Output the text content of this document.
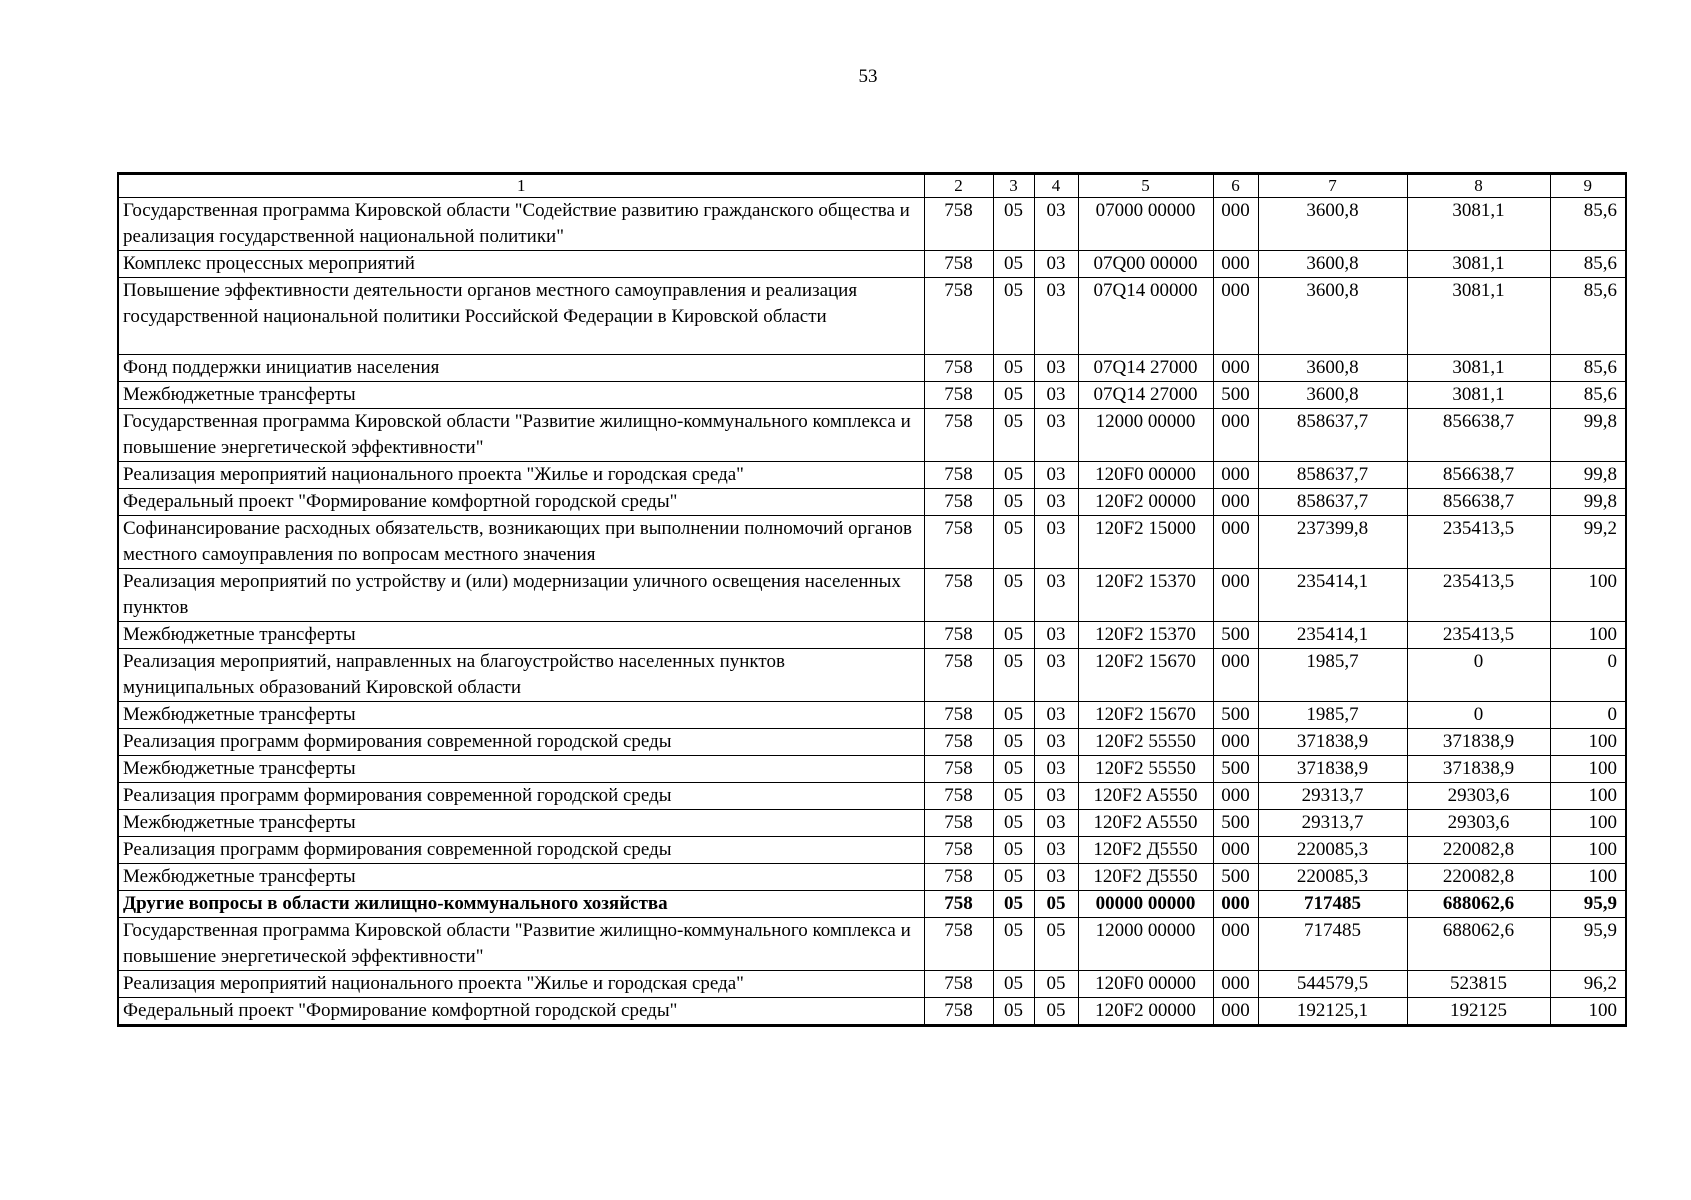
53
1	2	3	4	5	6	7	8	9
Государственная программа Кировской области "Содействие развитию гражданского общества и реализация государственной национальной политики"	758	05	03	07000 00000	000	3600,8	3081,1	85,6
Комплекс процессных мероприятий	758	05	03	07Q00 00000	000	3600,8	3081,1	85,6
Повышение эффективности деятельности органов местного самоуправления и реализация государственной национальной политики Российской Федерации в Кировской области	758	05	03	07Q14 00000	000	3600,8	3081,1	85,6
Фонд поддержки инициатив населения	758	05	03	07Q14 27000	000	3600,8	3081,1	85,6
Межбюджетные трансферты	758	05	03	07Q14 27000	500	3600,8	3081,1	85,6
Государственная программа Кировской области "Развитие жилищно-коммунального комплекса и повышение энергетической эффективности"	758	05	03	12000 00000	000	858637,7	856638,7	99,8
Реализация мероприятий национального проекта "Жилье и городская среда"	758	05	03	120F0 00000	000	858637,7	856638,7	99,8
Федеральный проект "Формирование комфортной городской среды"	758	05	03	120F2 00000	000	858637,7	856638,7	99,8
Софинансирование расходных обязательств, возникающих при выполнении полномочий органов местного самоуправления по вопросам местного значения	758	05	03	120F2 15000	000	237399,8	235413,5	99,2
Реализация мероприятий по устройству и (или) модернизации уличного освещения населенных пунктов	758	05	03	120F2 15370	000	235414,1	235413,5	100
Межбюджетные трансферты	758	05	03	120F2 15370	500	235414,1	235413,5	100
Реализация мероприятий, направленных на благоустройство населенных пунктов муниципальных образований Кировской области	758	05	03	120F2 15670	000	1985,7	0	0
Межбюджетные трансферты	758	05	03	120F2 15670	500	1985,7	0	0
Реализация программ формирования современной городской среды	758	05	03	120F2 55550	000	371838,9	371838,9	100
Межбюджетные трансферты	758	05	03	120F2 55550	500	371838,9	371838,9	100
Реализация программ формирования современной городской среды	758	05	03	120F2 A5550	000	29313,7	29303,6	100
Межбюджетные трансферты	758	05	03	120F2 A5550	500	29313,7	29303,6	100
Реализация программ формирования современной городской среды	758	05	03	120F2 Д5550	000	220085,3	220082,8	100
Межбюджетные трансферты	758	05	03	120F2 Д5550	500	220085,3	220082,8	100
Другие вопросы в области жилищно-коммунального хозяйства	758	05	05	00000 00000	000	717485	688062,6	95,9
Государственная программа Кировской области "Развитие жилищно-коммунального комплекса и повышение энергетической эффективности"	758	05	05	12000 00000	000	717485	688062,6	95,9
Реализация мероприятий национального проекта "Жилье и городская среда"	758	05	05	120F0 00000	000	544579,5	523815	96,2
Федеральный проект "Формирование комфортной городской среды"	758	05	05	120F2 00000	000	192125,1	192125	100
